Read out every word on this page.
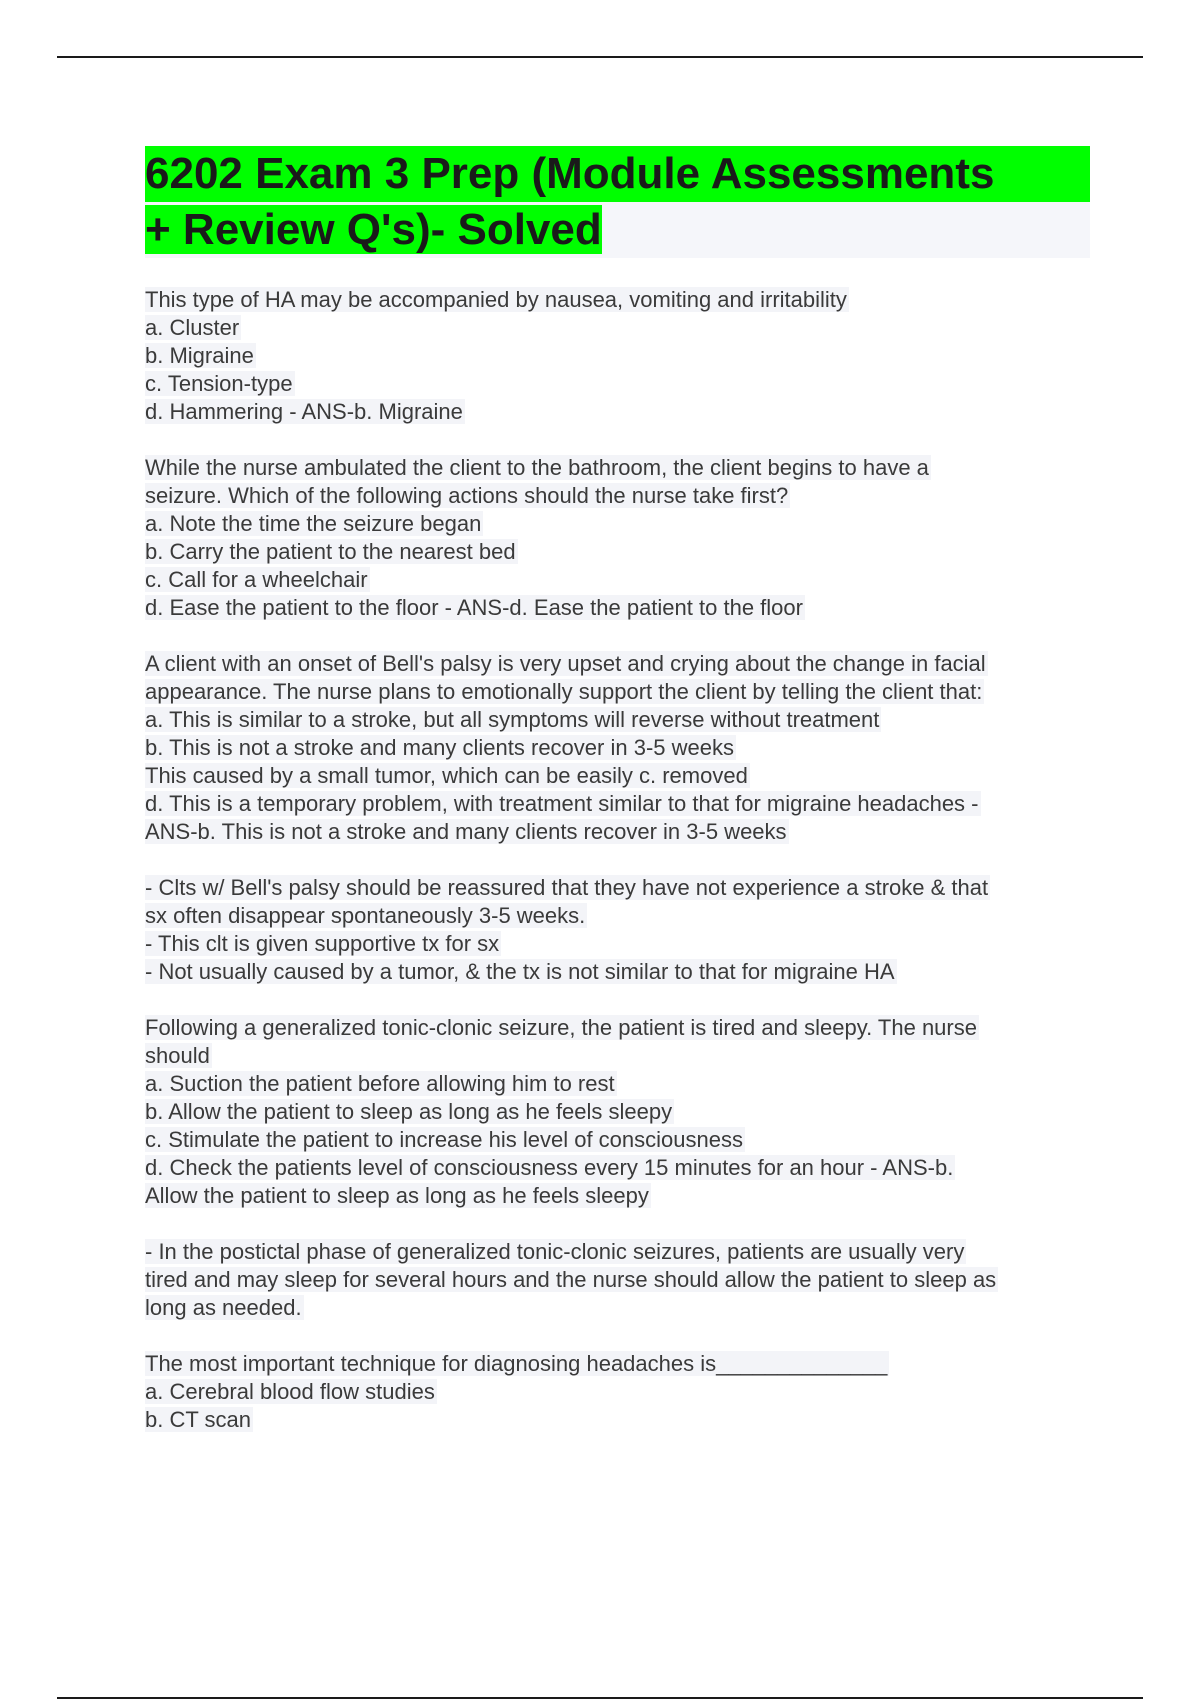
6202 Exam 3 Prep (Module Assessments
+ Review Q's)- Solved
This type of HA may be accompanied by nausea, vomiting and irritability
a. Cluster
b. Migraine
c. Tension-type
d. Hammering - ANS-b. Migraine
While the nurse ambulated the client to the bathroom, the client begins to have a
seizure. Which of the following actions should the nurse take first?
a. Note the time the seizure began
b. Carry the patient to the nearest bed
c. Call for a wheelchair
d. Ease the patient to the floor - ANS-d. Ease the patient to the floor
A client with an onset of Bell's palsy is very upset and crying about the change in facial
appearance. The nurse plans to emotionally support the client by telling the client that:
a. This is similar to a stroke, but all symptoms will reverse without treatment
b. This is not a stroke and many clients recover in 3-5 weeks
This caused by a small tumor, which can be easily c. removed
d. This is a temporary problem, with treatment similar to that for migraine headaches -
ANS-b. This is not a stroke and many clients recover in 3-5 weeks
- Clts w/ Bell's palsy should be reassured that they have not experience a stroke & that
sx often disappear spontaneously 3-5 weeks.
- This clt is given supportive tx for sx
- Not usually caused by a tumor, & the tx is not similar to that for migraine HA
Following a generalized tonic-clonic seizure, the patient is tired and sleepy. The nurse
should
a. Suction the patient before allowing him to rest
b. Allow the patient to sleep as long as he feels sleepy
c. Stimulate the patient to increase his level of consciousness
d. Check the patients level of consciousness every 15 minutes for an hour - ANS-b.
Allow the patient to sleep as long as he feels sleepy
- In the postictal phase of generalized tonic-clonic seizures, patients are usually very
tired and may sleep for several hours and the nurse should allow the patient to sleep as
long as needed.
The most important technique for diagnosing headaches is______________
a. Cerebral blood flow studies
b. CT scan
